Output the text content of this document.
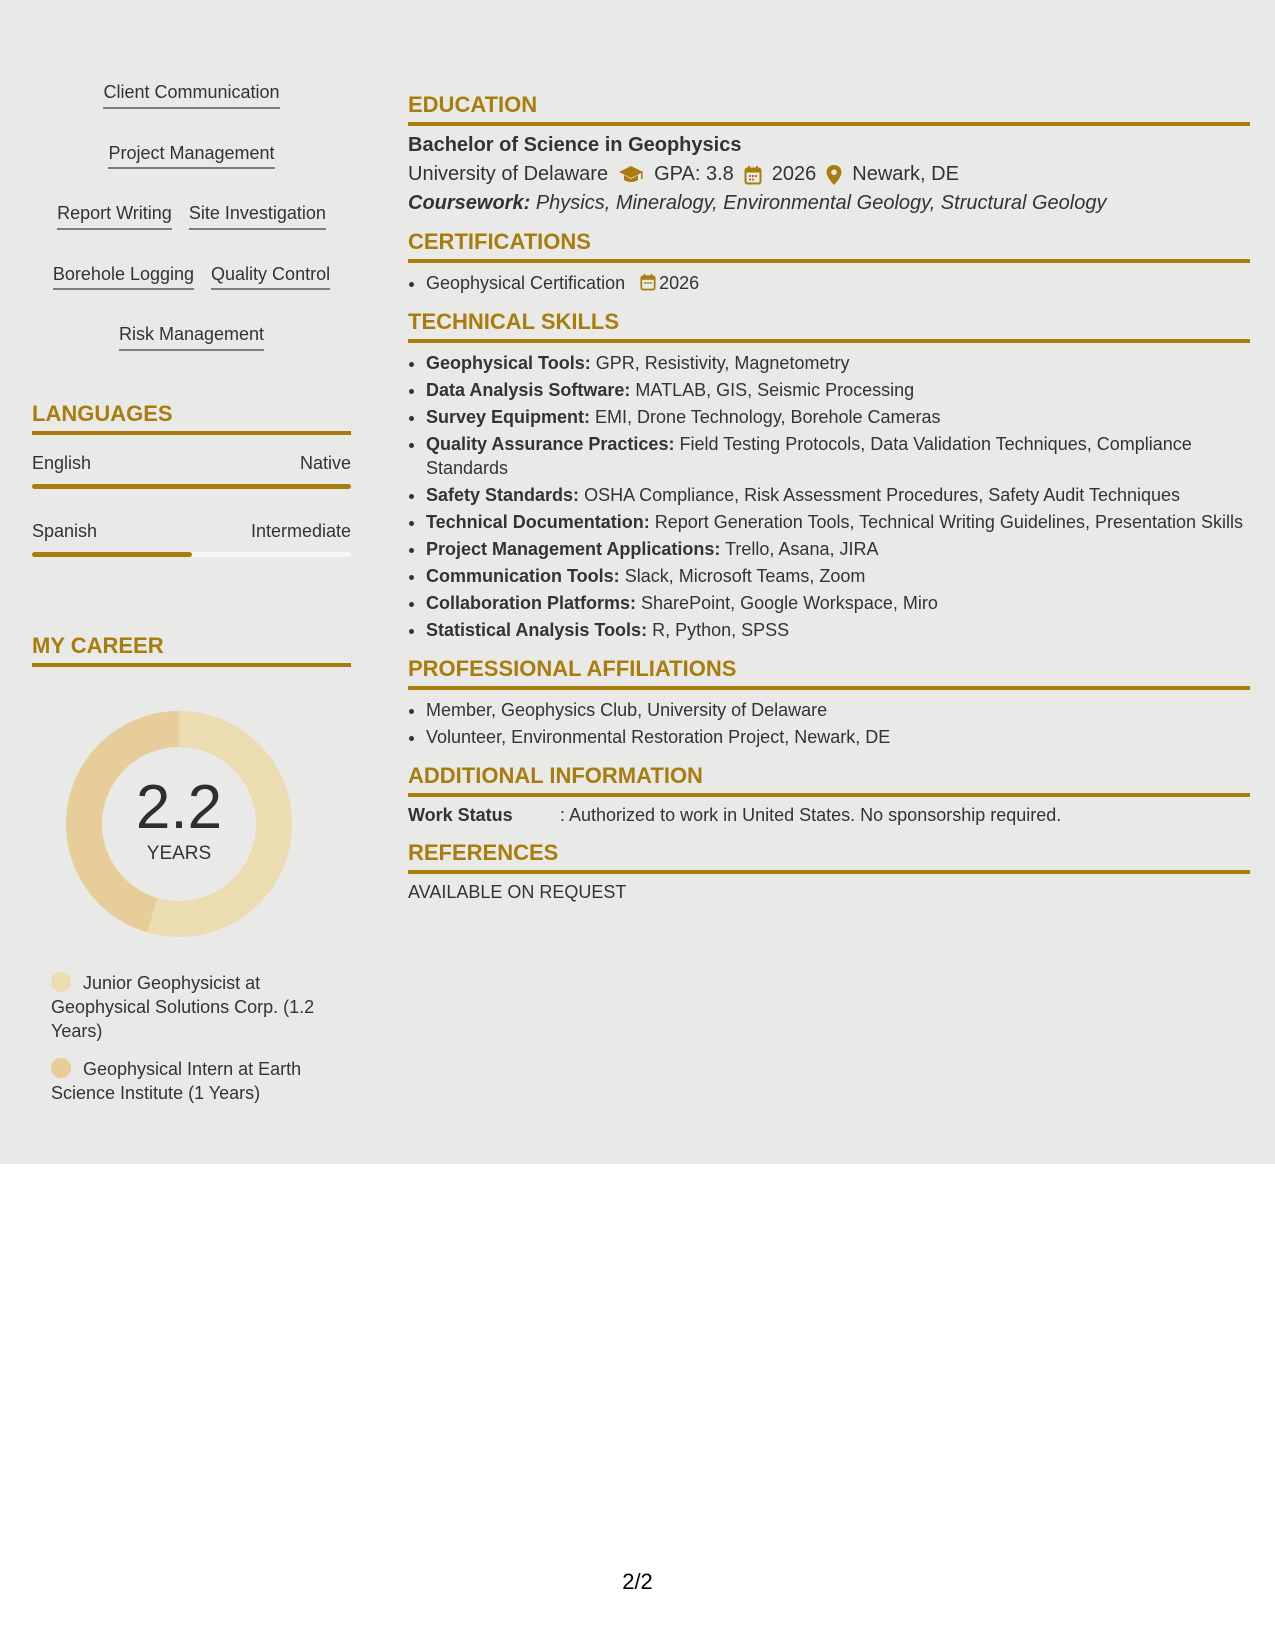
Client Communication
Project Management
Report Writing Site Investigation
Borehole Logging Quality Control
Risk Management
LANGUAGES
English	Native
Spanish	Intermediate
MY CAREER
2.2
YEARS
Junior Geophysicist at Geophysical Solutions Corp. (1.2 Years)
Geophysical Intern at Earth Science Institute (1 Years)
EDUCATION
Bachelor of Science in Geophysics
University of Delaware GPA: 3.8 2026 Newark, DE
Coursework: Physics, Mineralogy, Environmental Geology, Structural Geology
CERTIFICATIONS
• Geophysical Certification 2026
TECHNICAL SKILLS
• Geophysical Tools: GPR, Resistivity, Magnetometry
• Data Analysis Software: MATLAB, GIS, Seismic Processing
• Survey Equipment: EMI, Drone Technology, Borehole Cameras
• Quality Assurance Practices: Field Testing Protocols, Data Validation Techniques, Compliance Standards
• Safety Standards: OSHA Compliance, Risk Assessment Procedures, Safety Audit Techniques
• Technical Documentation: Report Generation Tools, Technical Writing Guidelines, Presentation Skills
• Project Management Applications: Trello, Asana, JIRA
• Communication Tools: Slack, Microsoft Teams, Zoom
• Collaboration Platforms: SharePoint, Google Workspace, Miro
• Statistical Analysis Tools: R, Python, SPSS
PROFESSIONAL AFFILIATIONS
• Member, Geophysics Club, University of Delaware
• Volunteer, Environmental Restoration Project, Newark, DE
ADDITIONAL INFORMATION
Work Status	: Authorized to work in United States. No sponsorship required.
REFERENCES
AVAILABLE ON REQUEST
2/2
